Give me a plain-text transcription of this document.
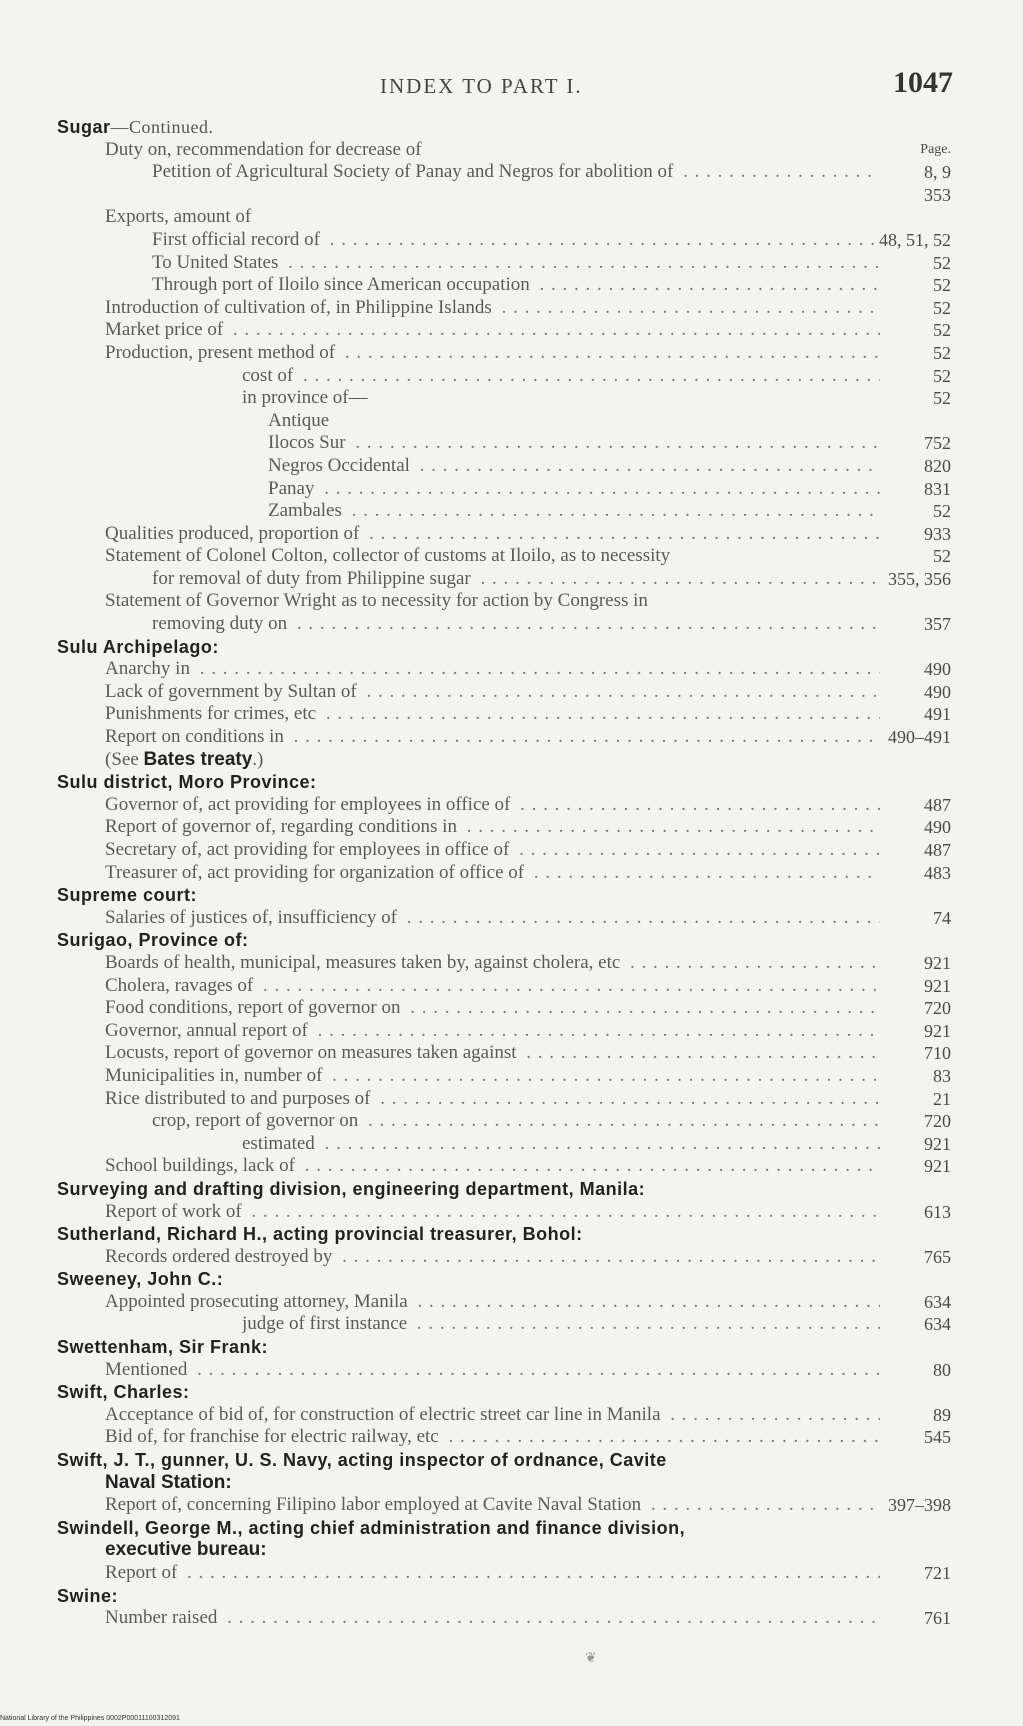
INDEX TO PART I.	1047
Sugar—Continued.
Duty on, recommendation for decrease of	Page.
Petition of Agricultural Society of Panay and Negros for abolition of . . .	8, 9
353
Exports, amount of
First official record of . . .	48, 51, 52
To United States . . .	52
Through port of Iloilo since American occupation . . .	52
Introduction of cultivation of, in Philippine Islands . . .	52
Market price of . . .	52
Production, present method of . . .	52
cost of . . .	52
in province of—	52
Antique
Ilocos Sur . . .	752
Negros Occidental . . .	820
Panay . . .	831
Zambales . . .	52
Qualities produced, proportion of . . .	933
Statement of Colonel Colton, collector of customs at Iloilo, as to necessity	52
for removal of duty from Philippine sugar . . .	355, 356
Statement of Governor Wright as to necessity for action by Congress in
removing duty on . . .	357
Sulu Archipelago:
Anarchy in . . .	490
Lack of government by Sultan of . . .	490
Punishments for crimes, etc . . .	491
Report on conditions in . . .	490–491
(See Bates treaty.)
Sulu district, Moro Province:
Governor of, act providing for employees in office of . . .	487
Report of governor of, regarding conditions in . . .	490
Secretary of, act providing for employees in office of . . .	487
Treasurer of, act providing for organization of office of . . .	483
Supreme court:
Salaries of justices of, insufficiency of . . .	74
Surigao, Province of:
Boards of health, municipal, measures taken by, against cholera, etc . . .	921
Cholera, ravages of . . .	921
Food conditions, report of governor on . . .	720
Governor, annual report of . . .	921
Locusts, report of governor on measures taken against . . .	710
Municipalities in, number of . . .	83
Rice distributed to and purposes of . . .	21
crop, report of governor on . . .	720
estimated . . .	921
School buildings, lack of . . .	921
Surveying and drafting division, engineering department, Manila:
Report of work of . . .	613
Sutherland, Richard H., acting provincial treasurer, Bohol:
Records ordered destroyed by . . .	765
Sweeney, John C.:
Appointed prosecuting attorney, Manila . . .	634
judge of first instance . . .	634
Swettenham, Sir Frank:
Mentioned . . .	80
Swift, Charles:
Acceptance of bid of, for construction of electric street car line in Manila . . .	89
Bid of, for franchise for electric railway, etc . . .	545
Swift, J. T., gunner, U. S. Navy, acting inspector of ordnance, Cavite
Naval Station:
Report of, concerning Filipino labor employed at Cavite Naval Station . . .	397–398
Swindell, George M., acting chief administration and finance division,
executive bureau:
Report of . . .	721
Swine:
Number raised . . .	761
❦
National Library of the Philippines 0002P00011100312091
